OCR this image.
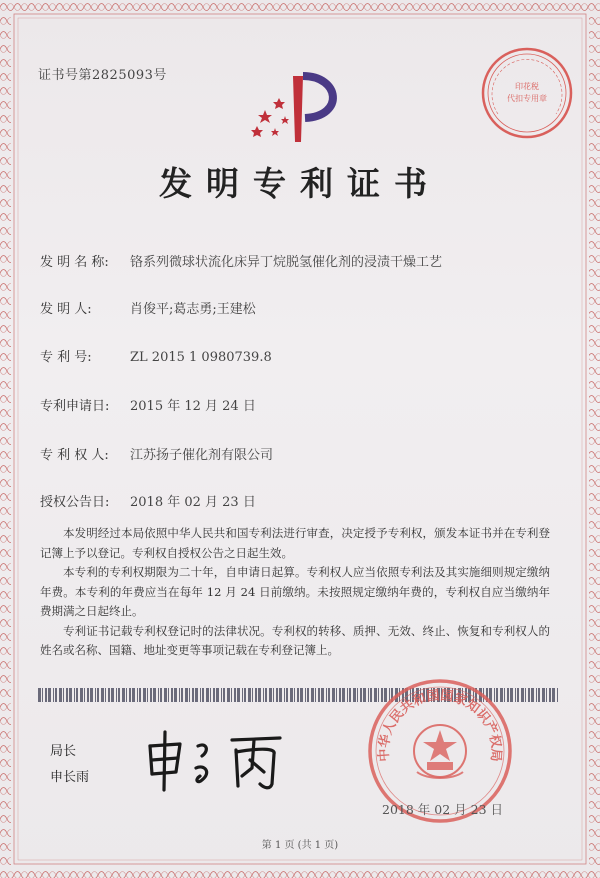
证书号第2825093号
印花税
代扣专用章
发明专利证书
发 明 名 称: 铬系列微球状流化床异丁烷脱氢催化剂的浸渍干燥工艺
发 明 人:	肖俊平;葛志勇;王建松
专 利 号:	ZL 2015 1 0980739.8
专利申请日: 2015 年 12 月 24 日
专 利 权 人: 江苏扬子催化剂有限公司
授权公告日: 2018 年 02 月 23 日

本发明经过本局依照中华人民共和国专利法进行审查，决定授予专利权，颁发本证书并在专利登记簿上予以登记。专利权自授权公告之日起生效。

本专利的专利权期限为二十年，自申请日起算。专利权人应当依照专利法及其实施细则规定缴纳年费。本专利的年费应当在每年 12 月 24 日前缴纳。未按照规定缴纳年费的，专利权自应当缴纳年费期满之日起终止。

专利证书记载专利权登记时的法律状况。专利权的转移、质押、无效、终止、恢复和专利权人的姓名或名称、国籍、地址变更等事项记载在专利登记簿上。

局长
申长雨
中华人民共和国国家知识产权局
2018 年 02 月 23 日
第 1 页 (共 1 页)
